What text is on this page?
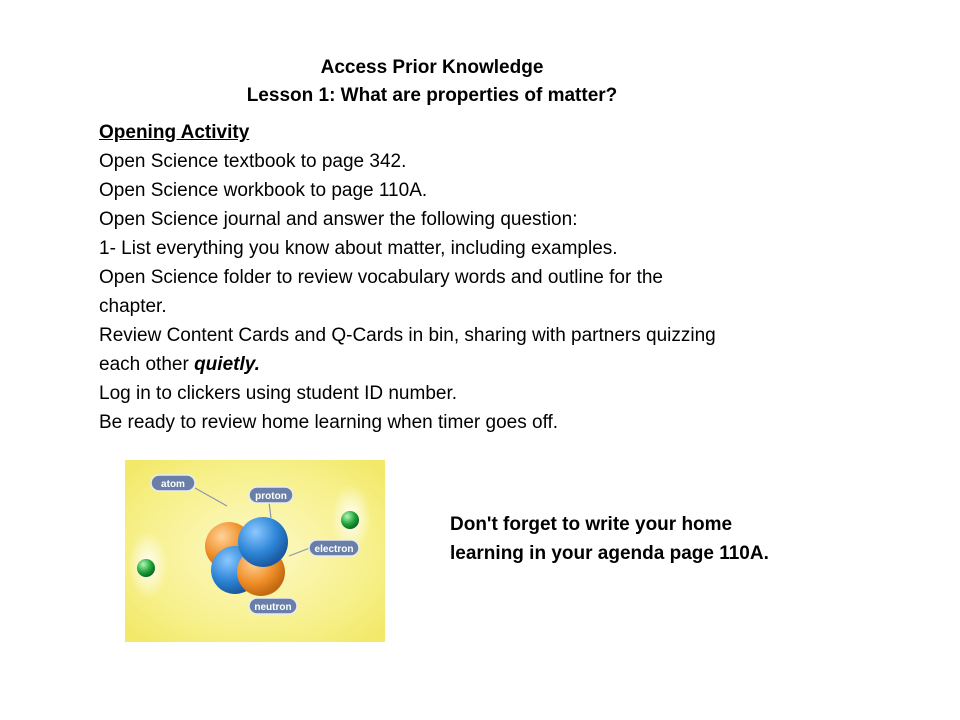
Access Prior Knowledge
Lesson 1: What are properties of matter?
Opening Activity
Open Science textbook to page 342.
Open Science workbook to page 110A.
Open Science journal and answer the following question:
1- List everything you know about matter, including examples.
Open Science folder to review vocabulary words and outline for the
chapter.
Review Content Cards and Q-Cards in bin, sharing with partners quizzing
each other quietly.
Log in to clickers using student ID number.
Be ready to review home learning when timer goes off.
atom
proton
electron
neutron
Don't forget to write your home
learning in your agenda page 110A.
